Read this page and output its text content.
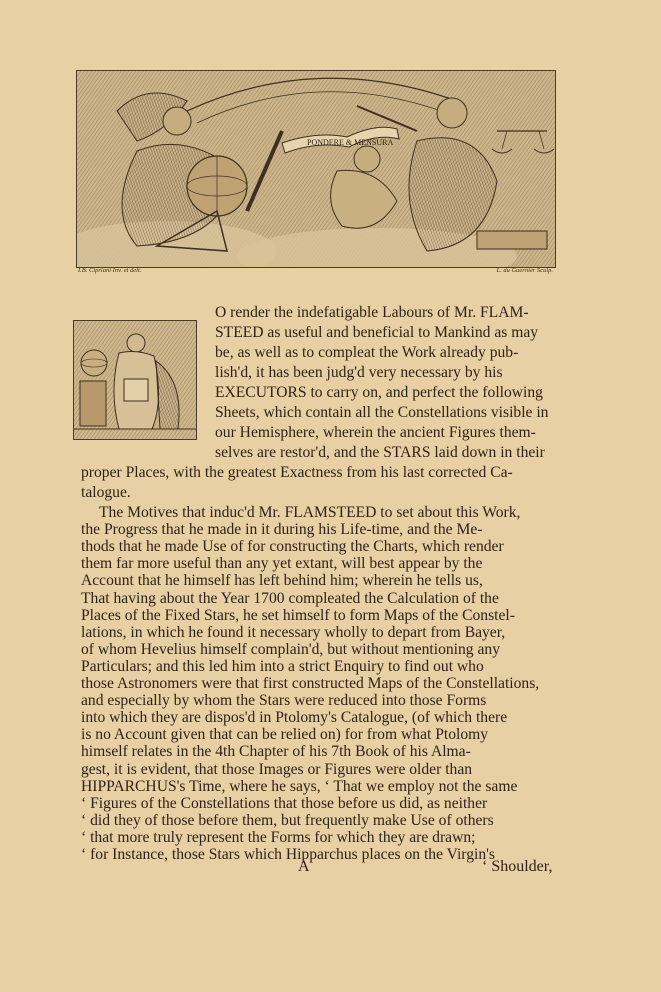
PONDERE & MENSURA
I.B. Cipriani Inv. et delt.	L. du Guernier Sculp.
O render the indefatigable Labours of Mr. FLAM-
STEED as useful and beneficial to Mankind as may
be, as well as to compleat the Work already pub-
lish'd, it has been judg'd very necessary by his
EXECUTORS to carry on, and perfect the following
Sheets, which contain all the Constellations visible in
our Hemisphere, wherein the ancient Figures them-
selves are restor'd, and the STARS laid down in their
proper Places, with the greatest Exactness from his last corrected Ca-
talogue.
The Motives that induc'd Mr. FLAMSTEED to set about this Work,
the Progress that he made in it during his Life-time, and the Me-
thods that he made Use of for constructing the Charts, which render
them far more useful than any yet extant, will best appear by the
Account that he himself has left behind him; wherein he tells us,
That having about the Year 1700 compleated the Calculation of the
Places of the Fixed Stars, he set himself to form Maps of the Constel-
lations, in which he found it necessary wholly to depart from Bayer,
of whom Hevelius himself complain'd, but without mentioning any
Particulars; and this led him into a strict Enquiry to find out who
those Astronomers were that first constructed Maps of the Constellations,
and especially by whom the Stars were reduced into those Forms
into which they are dispos'd in Ptolomy's Catalogue, (of which there
is no Account given that can be relied on) for from what Ptolomy
himself relates in the 4th Chapter of his 7th Book of his Alma-
gest, it is evident, that those Images or Figures were older than
HIPPARCHUS's Time, where he says, ‘ That we employ not the same
‘ Figures of the Constellations that those before us did, as neither
A	‘ Shoulder,
‘ did they of those before them, but frequently make Use of others
‘ that more truly represent the Forms for which they are drawn;
‘ for Instance, those Stars which Hipparchus places on the Virgin's
